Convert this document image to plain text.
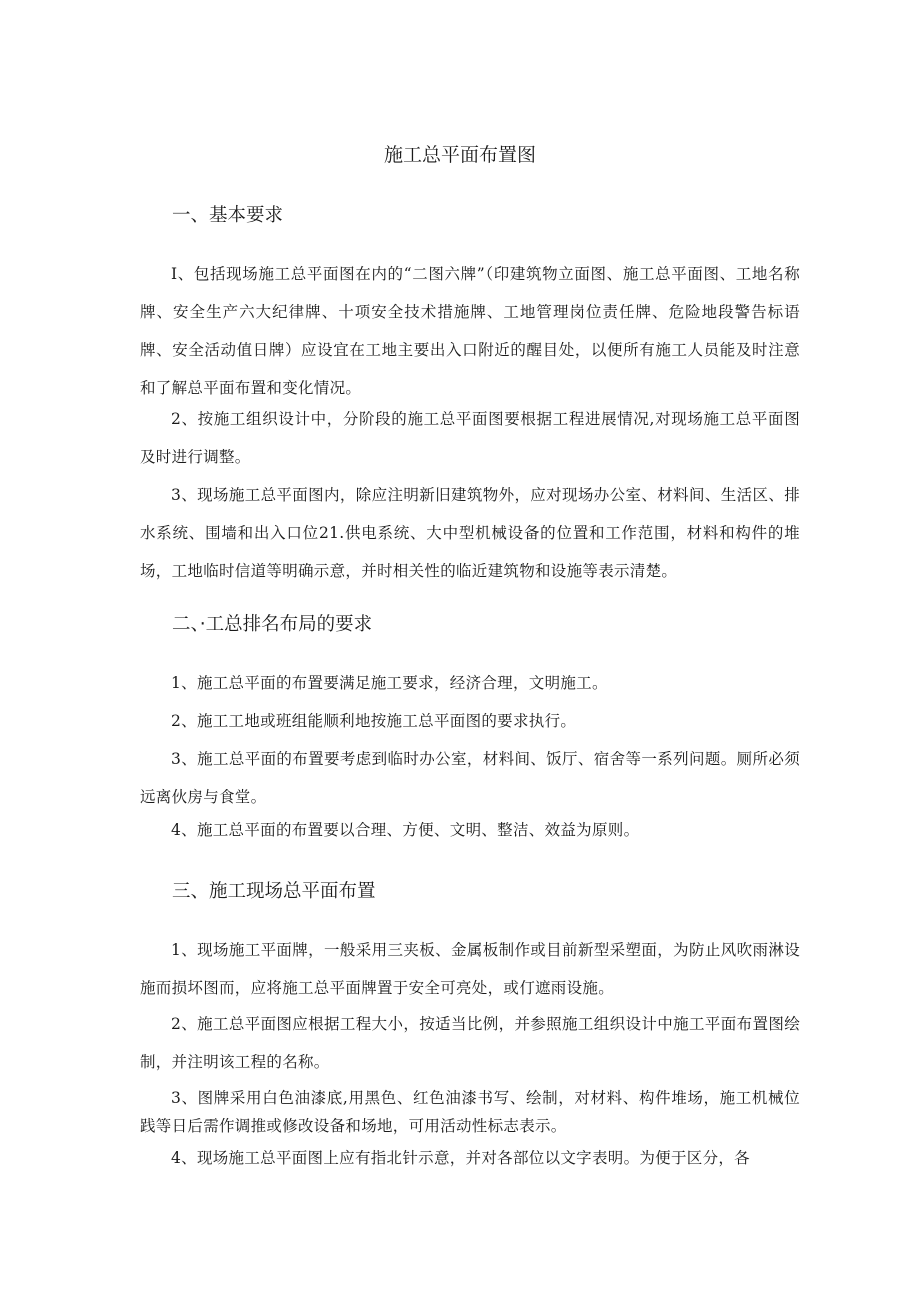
施工总平面布置图
一、基本要求
I、包括现场施工总平面图在内的“二图六牌”（印建筑物立面图、施工总平面图、工地名称牌、安全生产六大纪律牌、十项安全技术措施牌、工地管理岗位责任牌、危险地段警告标语牌、安全活动值日牌）应设宜在工地主要出入口附近的醒目处，以便所有施工人员能及时注意和了解总平面布置和变化情况。
2、按施工组织设计中，分阶段的施工总平面图要根据工程进展情况,对现场施工总平面图及时进行调整。
3、现场施工总平面图内，除应注明新旧建筑物外，应对现场办公室、材料间、生活区、排水系统、围墙和出入口位21.供电系统、大中型机械设备的位置和工作范围，材料和构件的堆场，工地临时信道等明确示意，并时相关性的临近建筑物和设施等表示清楚。
二、·工总排名布局的要求
1、施工总平面的布置要满足施工要求，经济合理，文明施工。
2、施工工地或班组能顺利地按施工总平面图的要求执行。
3、施工总平面的布置要考虑到临时办公室，材料间、饭厅、宿舍等一系列问题。厕所必须远离伙房与食堂。
4、施工总平面的布置要以合理、方便、文明、整洁、效益为原则。
三、施工现场总平面布置
1、现场施工平面牌，一般采用三夹板、金属板制作或目前新型采塑面，为防止风吹雨淋设施而损坏图而，应将施工总平面牌置于安全可亮处，或仃遮雨设施。
2、施工总平面图应根据工程大小，按适当比例，并参照施工组织设计中施工平面布置图绘制，并注明该工程的名称。
3、图牌采用白色油漆底,用黑色、红色油漆书写、绘制，对材料、构件堆场，施工机械位践等日后需作调推或修改设备和场地，可用活动性标志表示。
4、现场施工总平面图上应有指北针示意，并对各部位以文字表明。为便于区分，各
